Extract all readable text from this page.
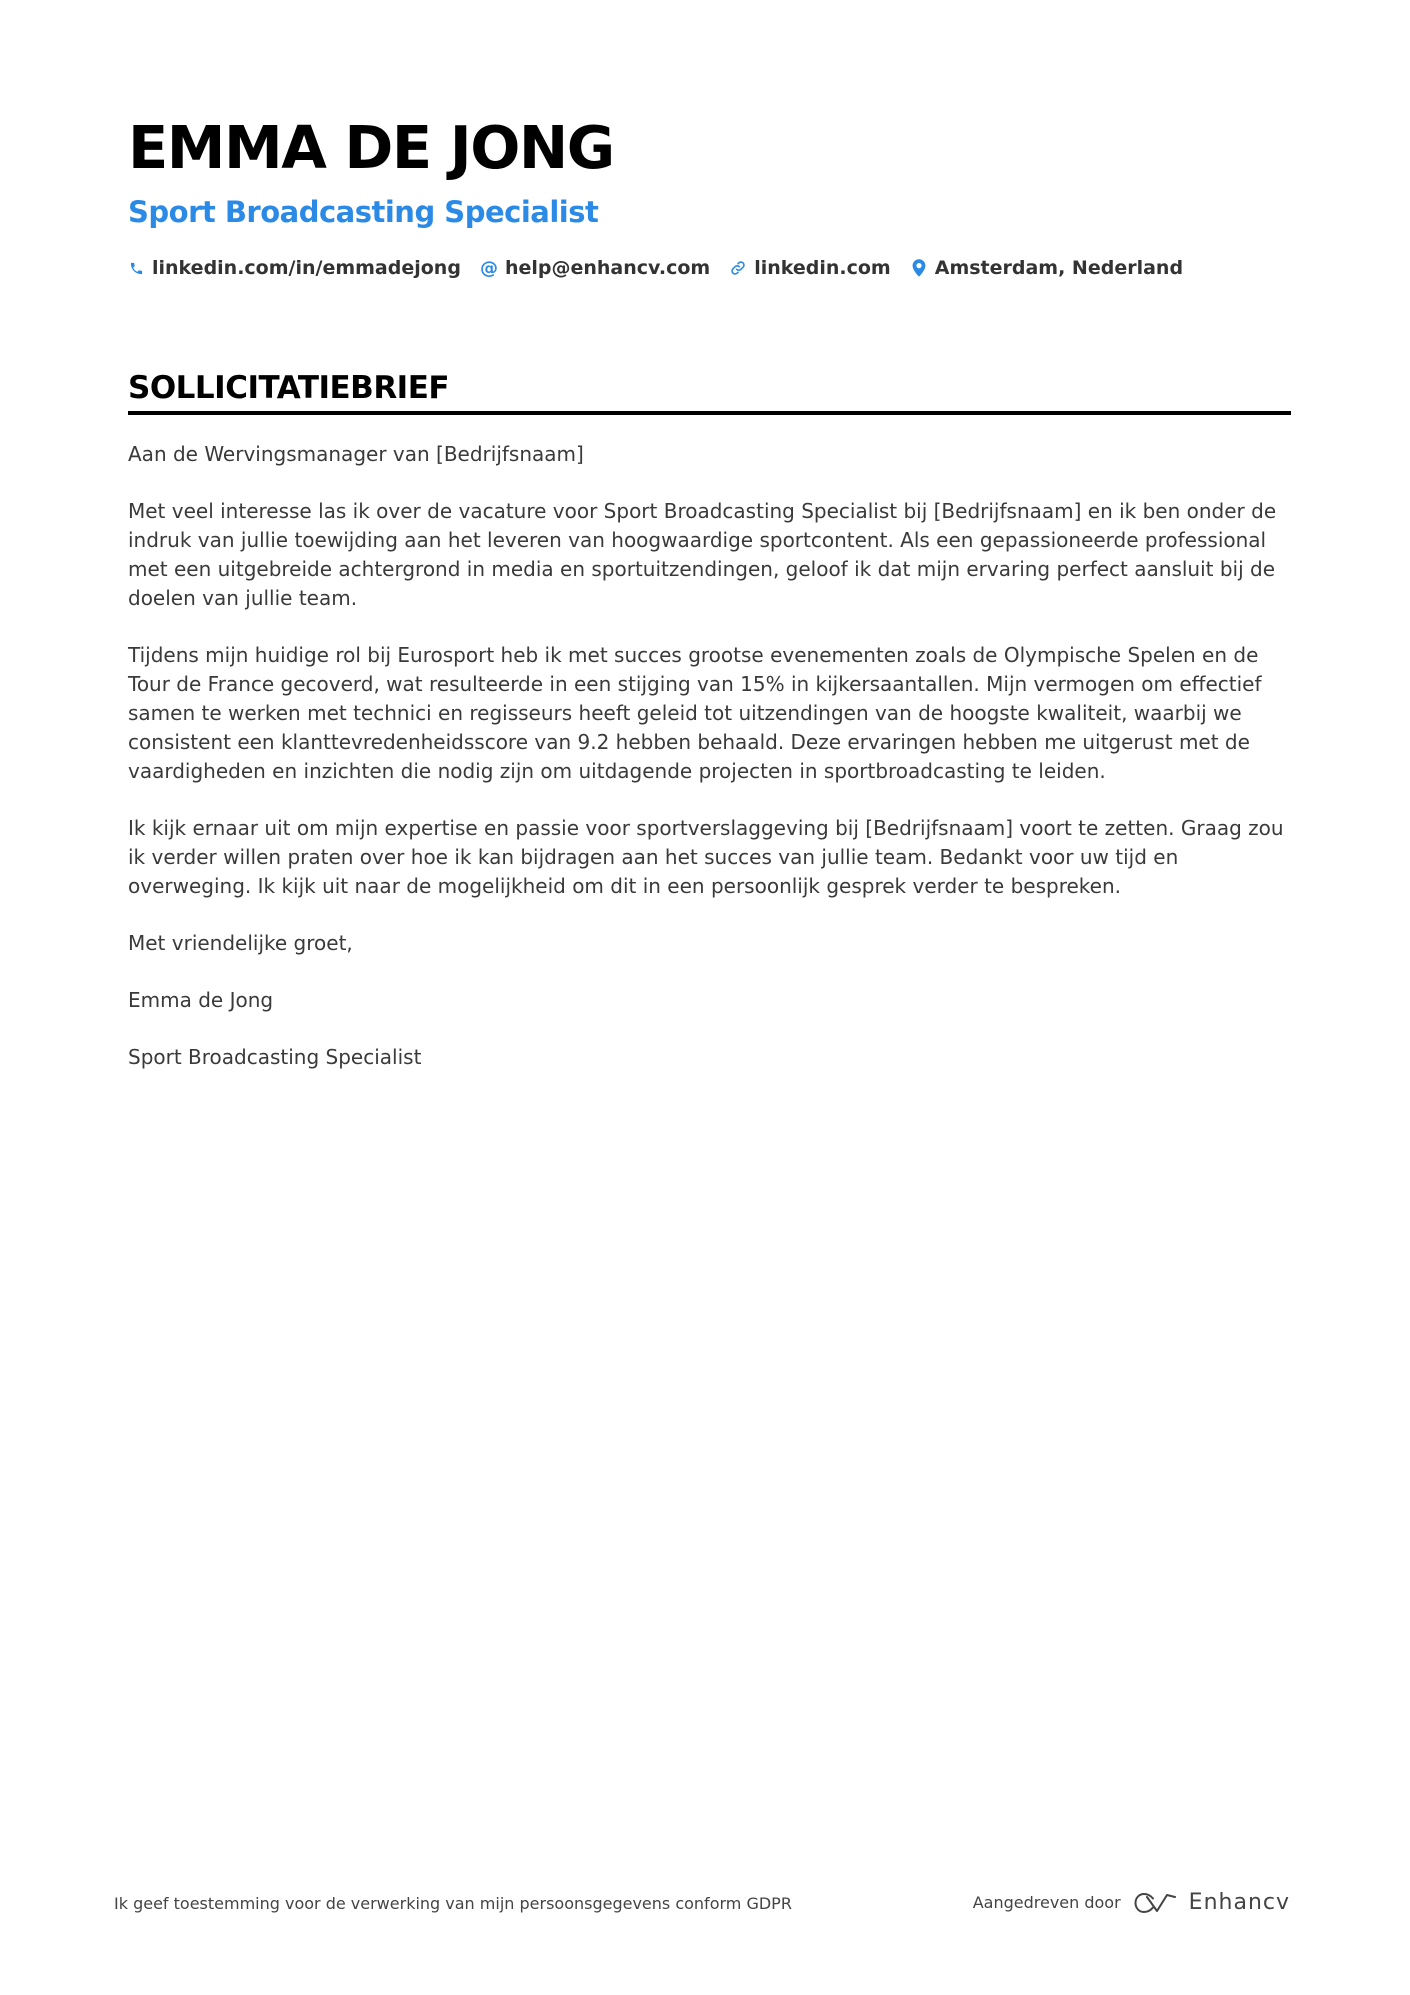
EMMA DE JONG
Sport Broadcasting Specialist
linkedin.com/in/emmadejong @ help@enhancv.com linkedin.com Amsterdam, Nederland
SOLLICITATIEBRIEF

Aan de Wervingsmanager van [Bedrijfsnaam]

Met veel interesse las ik over de vacature voor Sport Broadcasting Specialist bij [Bedrijfsnaam] en ik ben onder de indruk van jullie toewijding aan het leveren van hoogwaardige sportcontent. Als een gepassioneerde professional met een uitgebreide achtergrond in media en sportuitzendingen, geloof ik dat mijn ervaring perfect aansluit bij de doelen van jullie team.

Tijdens mijn huidige rol bij Eurosport heb ik met succes grootse evenementen zoals de Olympische Spelen en de Tour de France gecoverd, wat resulteerde in een stijging van 15% in kijkersaantallen. Mijn vermogen om effectief samen te werken met technici en regisseurs heeft geleid tot uitzendingen van de hoogste kwaliteit, waarbij we consistent een klanttevredenheidsscore van 9.2 hebben behaald. Deze ervaringen hebben me uitgerust met de vaardigheden en inzichten die nodig zijn om uitdagende projecten in sportbroadcasting te leiden.

Ik kijk ernaar uit om mijn expertise en passie voor sportverslaggeving bij [Bedrijfsnaam] voort te zetten. Graag zou ik verder willen praten over hoe ik kan bijdragen aan het succes van jullie team. Bedankt voor uw tijd en overweging. Ik kijk uit naar de mogelijkheid om dit in een persoonlijk gesprek verder te bespreken.

Met vriendelijke groet,

Emma de Jong

Sport Broadcasting Specialist

Ik geef toestemming voor de verwerking van mijn persoonsgegevens conform GDPR	Aangedreven door	Enhancv
